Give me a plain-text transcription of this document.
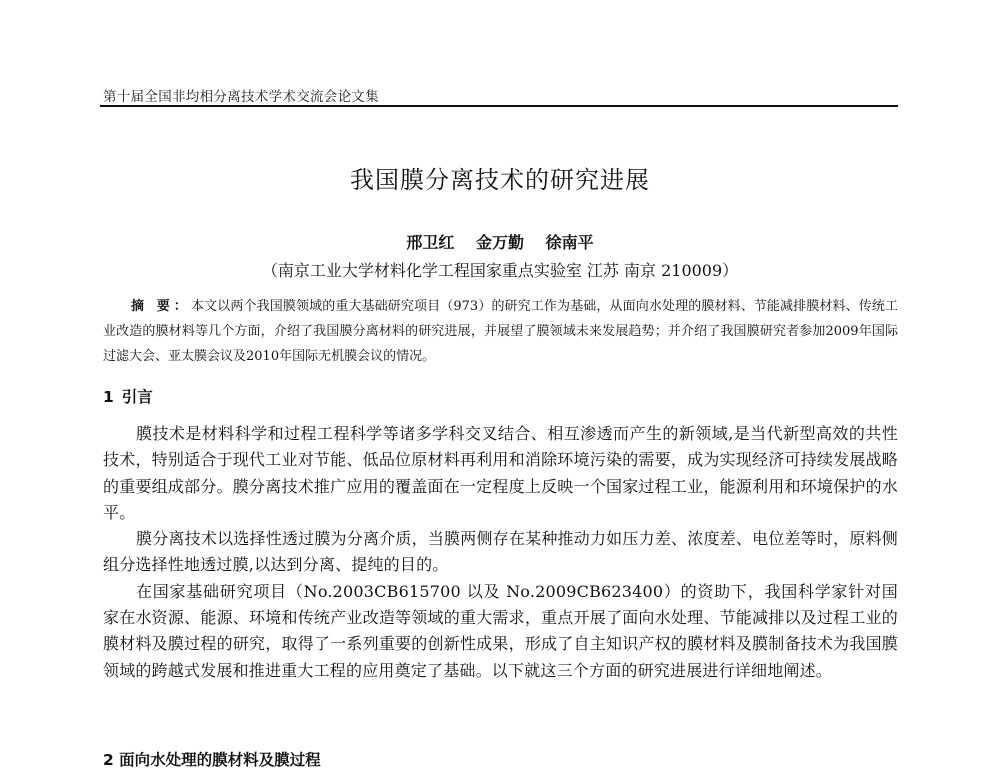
第十届全国非均相分离技术学术交流会论文集
我国膜分离技术的研究进展
邢卫红 金万勤 徐南平
（南京工业大学材料化学工程国家重点实验室 江苏 南京 210009）
摘 要：本文以两个我国膜领域的重大基础研究项目（973）的研究工作为基础，从面向水处理的膜材料、节能减排膜材料、传统工业改造的膜材料等几个方面，介绍了我国膜分离材料的研究进展，并展望了膜领域未来发展趋势；并介绍了我国膜研究者参加2009年国际过滤大会、亚太膜会议及2010年国际无机膜会议的情况。
1 引言

膜技术是材料科学和过程工程科学等诸多学科交叉结合、相互渗透而产生的新领域,是当代新型高效的共性技术，特别适合于现代工业对节能、低品位原材料再利用和消除环境污染的需要，成为实现经济可持续发展战略的重要组成部分。膜分离技术推广应用的覆盖面在一定程度上反映一个国家过程工业，能源利用和环境保护的水平。

膜分离技术以选择性透过膜为分离介质，当膜两侧存在某种推动力如压力差、浓度差、电位差等时，原料侧组分选择性地透过膜,以达到分离、提纯的目的。

在国家基础研究项目（No.2003CB615700 以及 No.2009CB623400）的资助下，我国科学家针对国家在水资源、能源、环境和传统产业改造等领域的重大需求，重点开展了面向水处理、节能减排以及过程工业的膜材料及膜过程的研究，取得了一系列重要的创新性成果，形成了自主知识产权的膜材料及膜制备技术为我国膜领域的跨越式发展和推进重大工程的应用奠定了基础。以下就这三个方面的研究进展进行详细地阐述。

2 面向水处理的膜材料及膜过程
